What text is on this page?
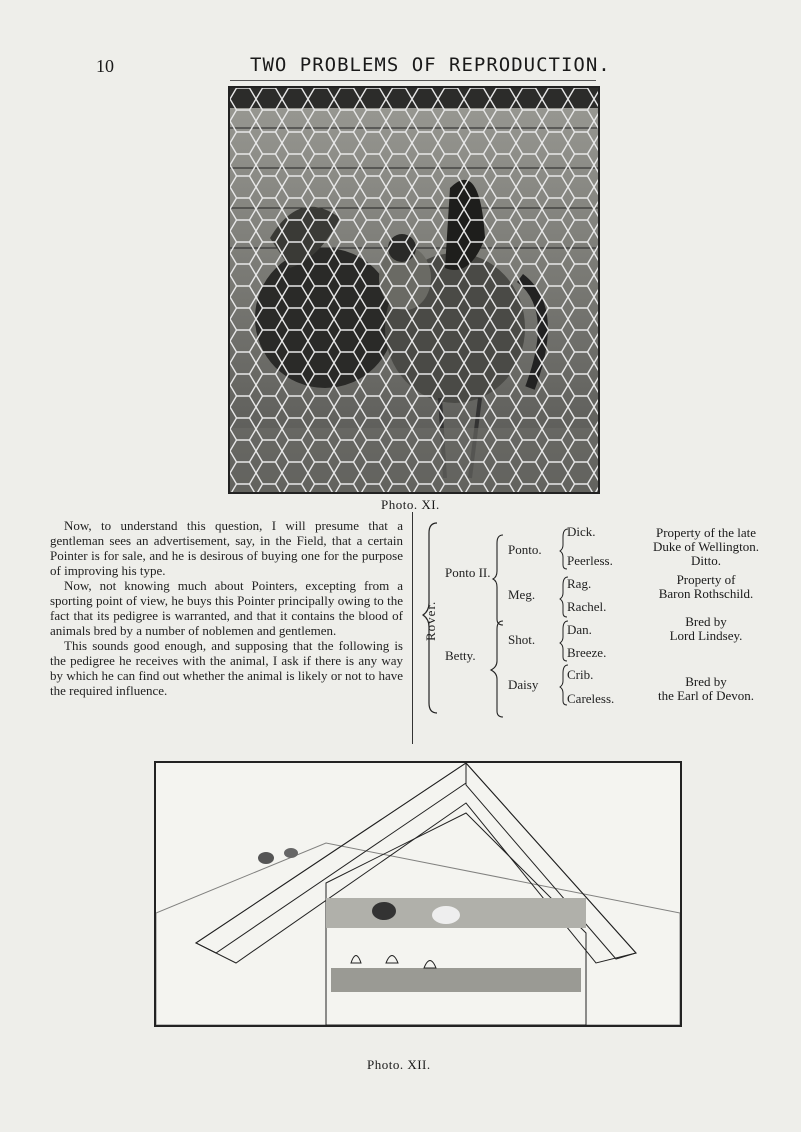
10	TWO PROBLEMS OF REPRODUCTION.
Photo. XI.

Now, to understand this question, I will presume that a gentleman sees an advertisement, say, in the Field, that a certain Pointer is for sale, and he is desirous of buying one for the purpose of improving his type.

Now, not knowing much about Pointers, excepting from a sporting point of view, he buys this Pointer principally owing to the fact that its pedigree is warranted, and that it contains the blood of animals bred by a number of noblemen and gentlemen.

This sounds good enough, and supposing that the following is the pedigree he receives with the animal, I ask if there is any way by which he can find out whether the animal is likely or not to have the required influence.

Rover.
Ponto II.
Betty.
Ponto.
Meg.
Shot.
Daisy
Dick.
Peerless.
Rag.
Rachel.
Dan.
Breeze.
Crib.
Careless.
Property of the late
Duke of Wellington.
Ditto.
Property of
Baron Rothschild.
Bred by
Lord Lindsey.
Bred by
the Earl of Devon.
Photo. XII.
